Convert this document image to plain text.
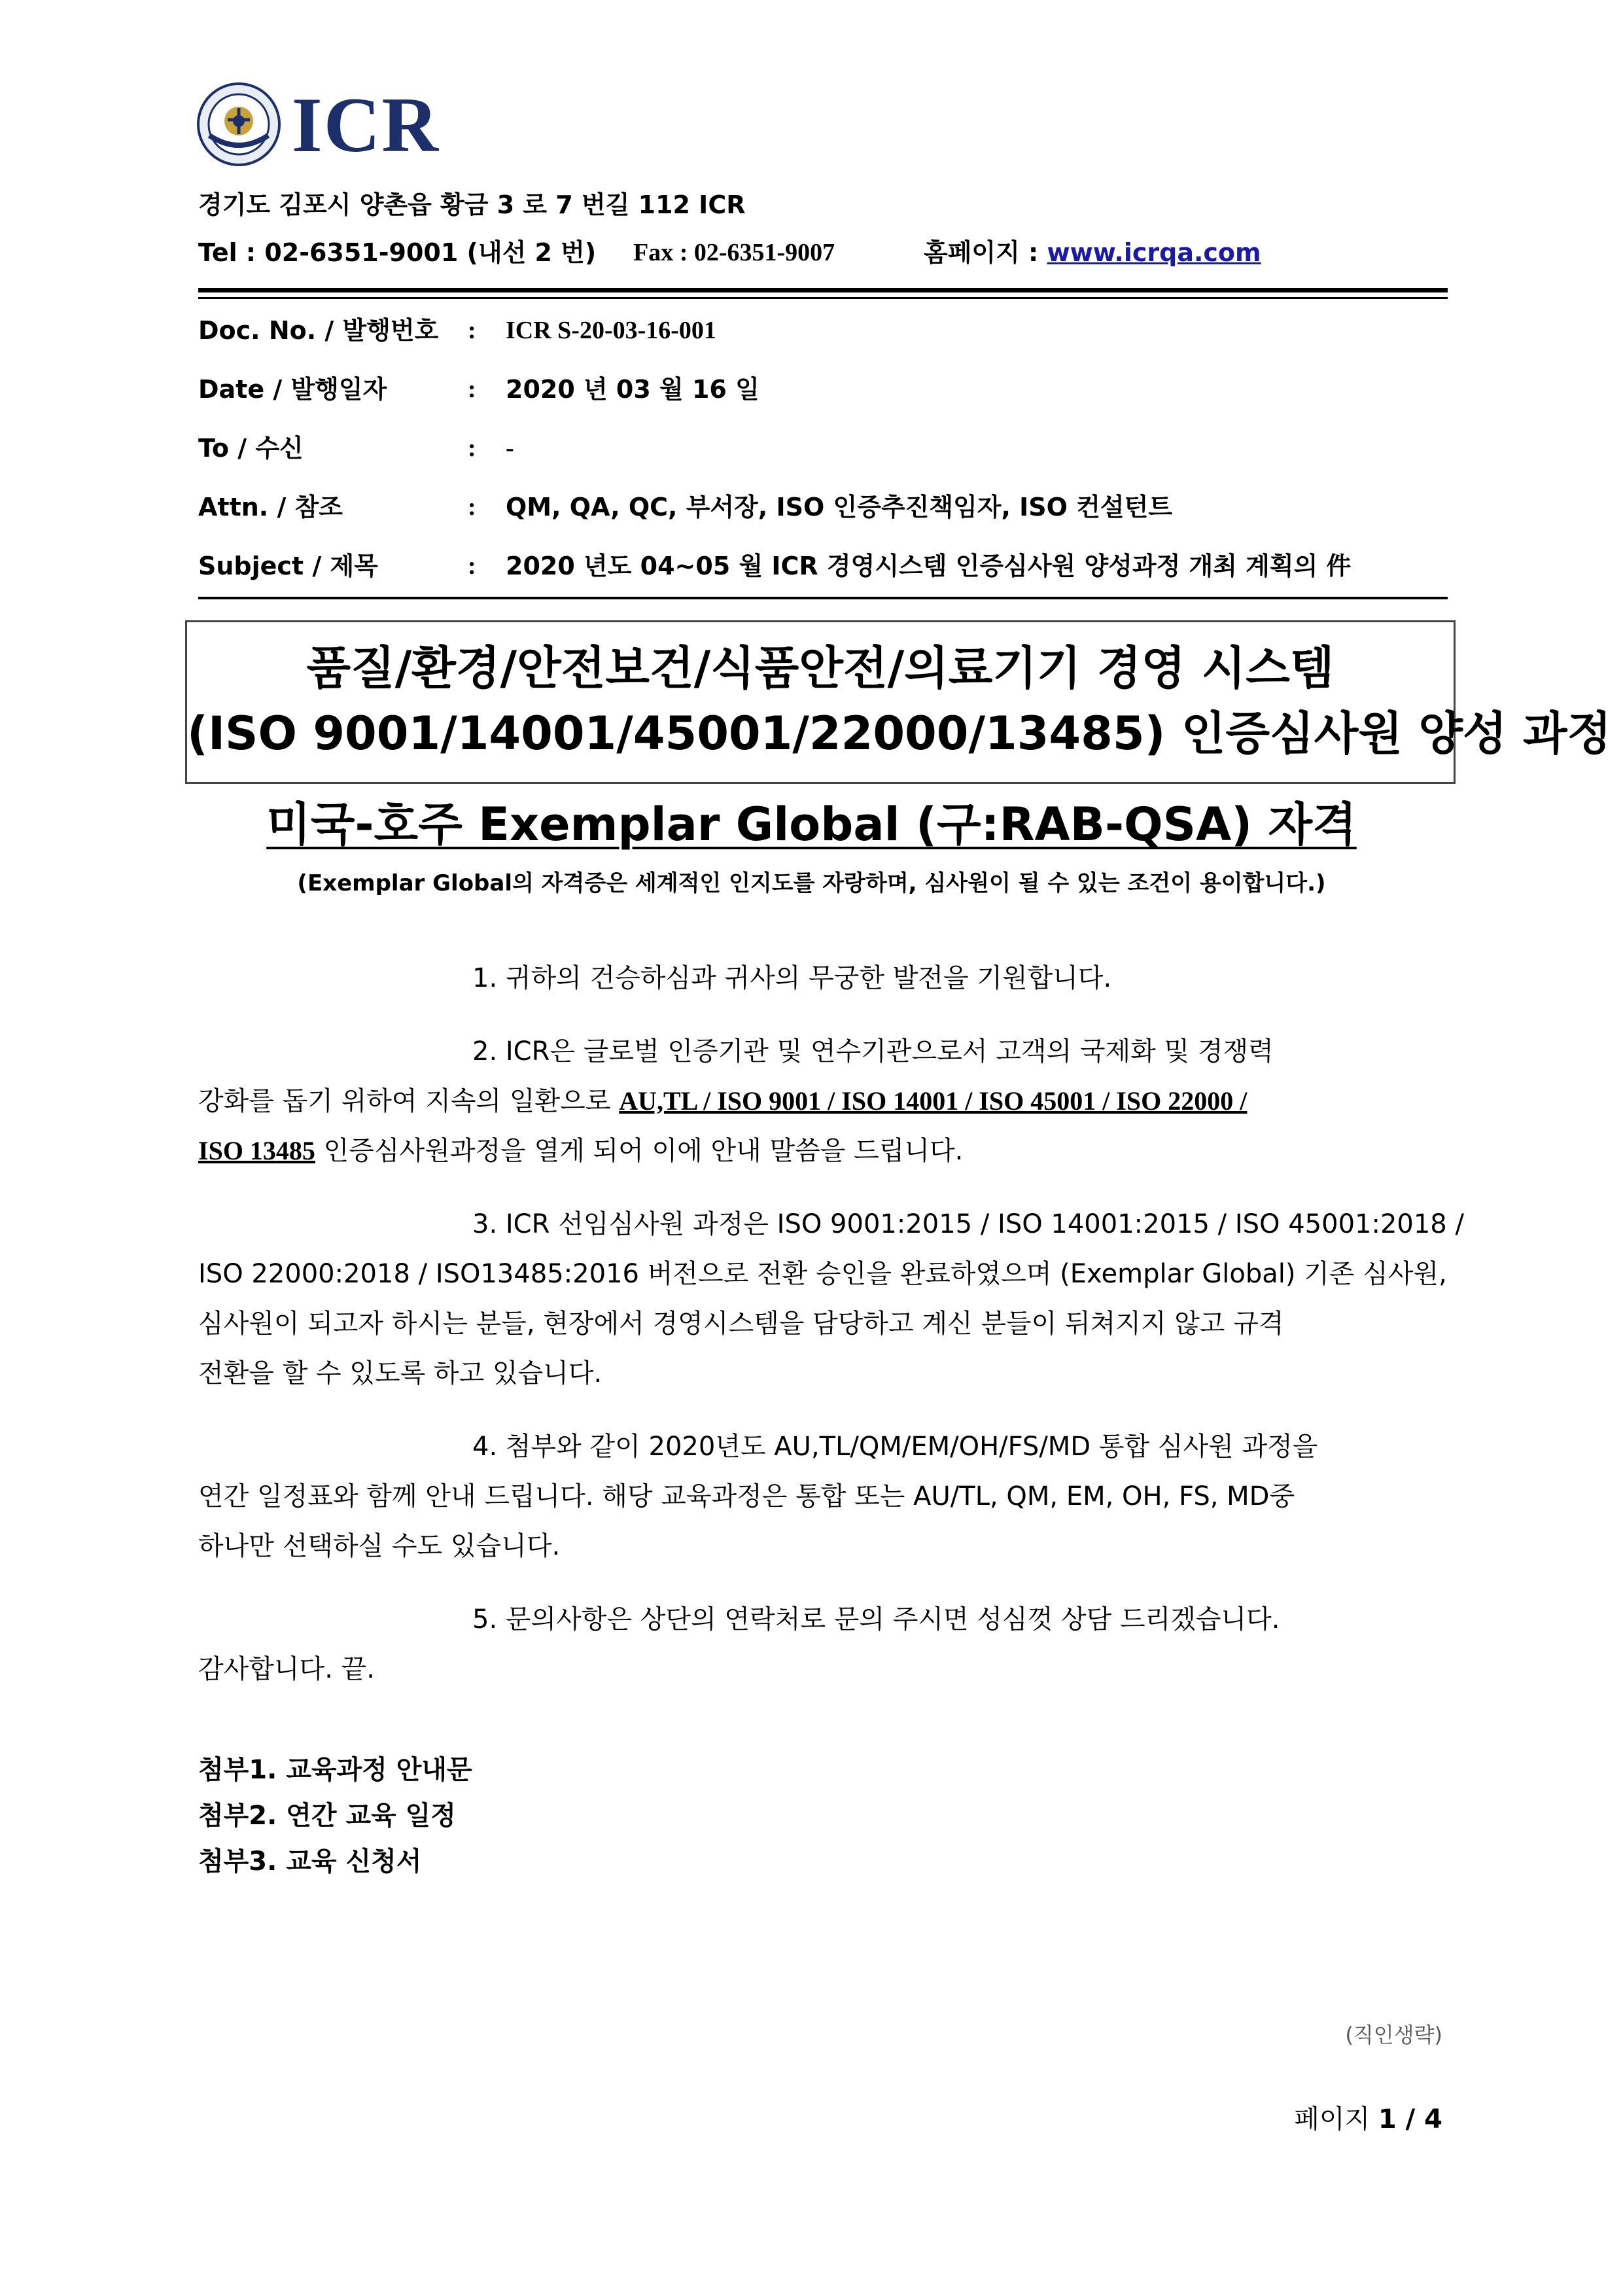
ICR
경기도 김포시 양촌읍 황금 3 로 7 번길 112 ICR
Tel : 02-6351-9001 (내선 2 번) Fax : 02-6351-9007	홈페이지 : www.icrqa.com
Doc. No. / 발행번호 : ICR S-20-03-16-001
Date / 발행일자	: 2020 년 03 월 16 일
To / 수신	: -
Attn. / 참조	: QM, QA, QC, 부서장, ISO 인증추진책임자, ISO 컨설턴트
Subject / 제목	: 2020 년도 04~05 월 ICR 경영시스템 인증심사원 양성과정 개최 계획의 件
품질/환경/안전보건/식품안전/의료기기 경영 시스템
(ISO 9001/14001/45001/22000/13485) 인증심사원 양성 과정
미국-호주 Exemplar Global (구:RAB-QSA) 자격
(Exemplar Global의 자격증은 세계적인 인지도를 자랑하며, 심사원이 될 수 있는 조건이 용이합니다.)
1. 귀하의 건승하심과 귀사의 무궁한 발전을 기원합니다.
2. ICR은 글로벌 인증기관 및 연수기관으로서 고객의 국제화 및 경쟁력
강화를 돕기 위하여 지속의 일환으로 AU,TL / ISO 9001 / ISO 14001 / ISO 45001 / ISO 22000 /
ISO 13485 인증심사원과정을 열게 되어 이에 안내 말씀을 드립니다.
3. ICR 선임심사원 과정은 ISO 9001:2015 / ISO 14001:2015 / ISO 45001:2018 /
ISO 22000:2018 / ISO13485:2016 버전으로 전환 승인을 완료하였으며 (Exemplar Global) 기존 심사원,
심사원이 되고자 하시는 분들, 현장에서 경영시스템을 담당하고 계신 분들이 뒤쳐지지 않고 규격
전환을 할 수 있도록 하고 있습니다.
4. 첨부와 같이 2020년도 AU,TL/QM/EM/OH/FS/MD 통합 심사원 과정을
연간 일정표와 함께 안내 드립니다. 해당 교육과정은 통합 또는 AU/TL, QM, EM, OH, FS, MD중
하나만 선택하실 수도 있습니다.
5. 문의사항은 상단의 연락처로 문의 주시면 성심껏 상담 드리겠습니다.
감사합니다. 끝.
첨부1. 교육과정 안내문
첨부2. 연간 교육 일정
첨부3. 교육 신청서
(직인생략)
페이지 1 / 4
